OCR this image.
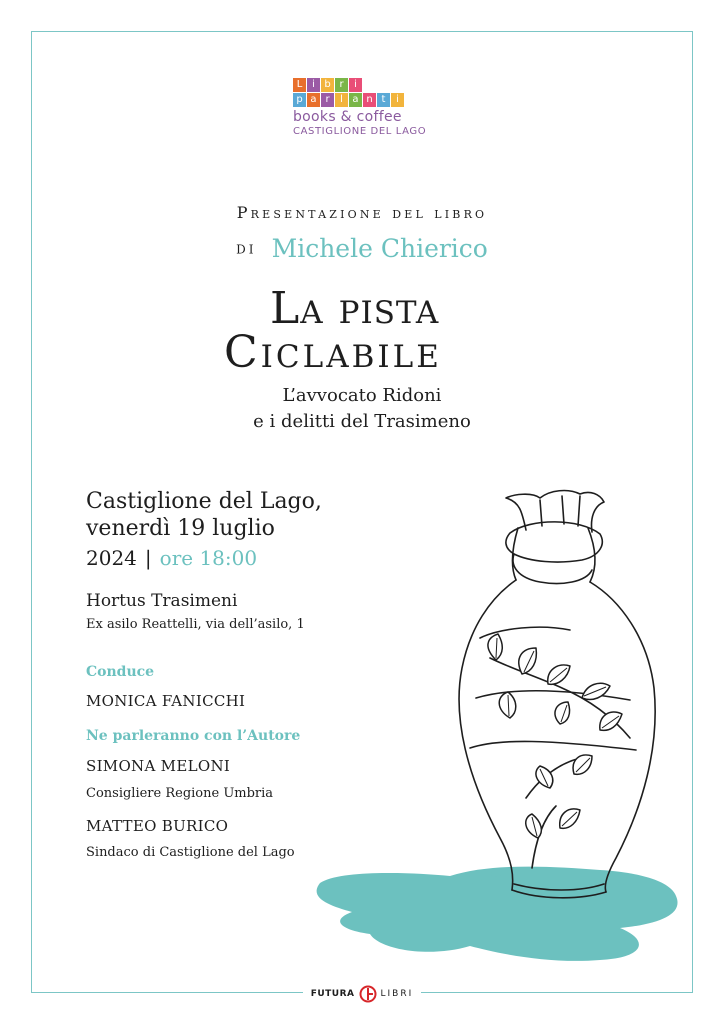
L i b r	i
p a r	l a n t	i
books & coffee
CASTIGLIONE DEL LAGO
Presentazione del libro
di Michele Chierico
La pista
Ciclabile
L’avvocato Ridoni
e i delitti del Trasimeno
Castiglione del Lago,
venerdì 19 luglio
2024 | ore 18:00
Hortus Trasimeni
Ex asilo Reattelli, via dell’asilo, 1
Conduce
MONICA FANICCHI
Ne parleranno con l’Autore
SIMONA MELONI
Consigliere Regione Umbria
MATTEO BURICO
Sindaco di Castiglione del Lago
FUTURA	LIBRI
